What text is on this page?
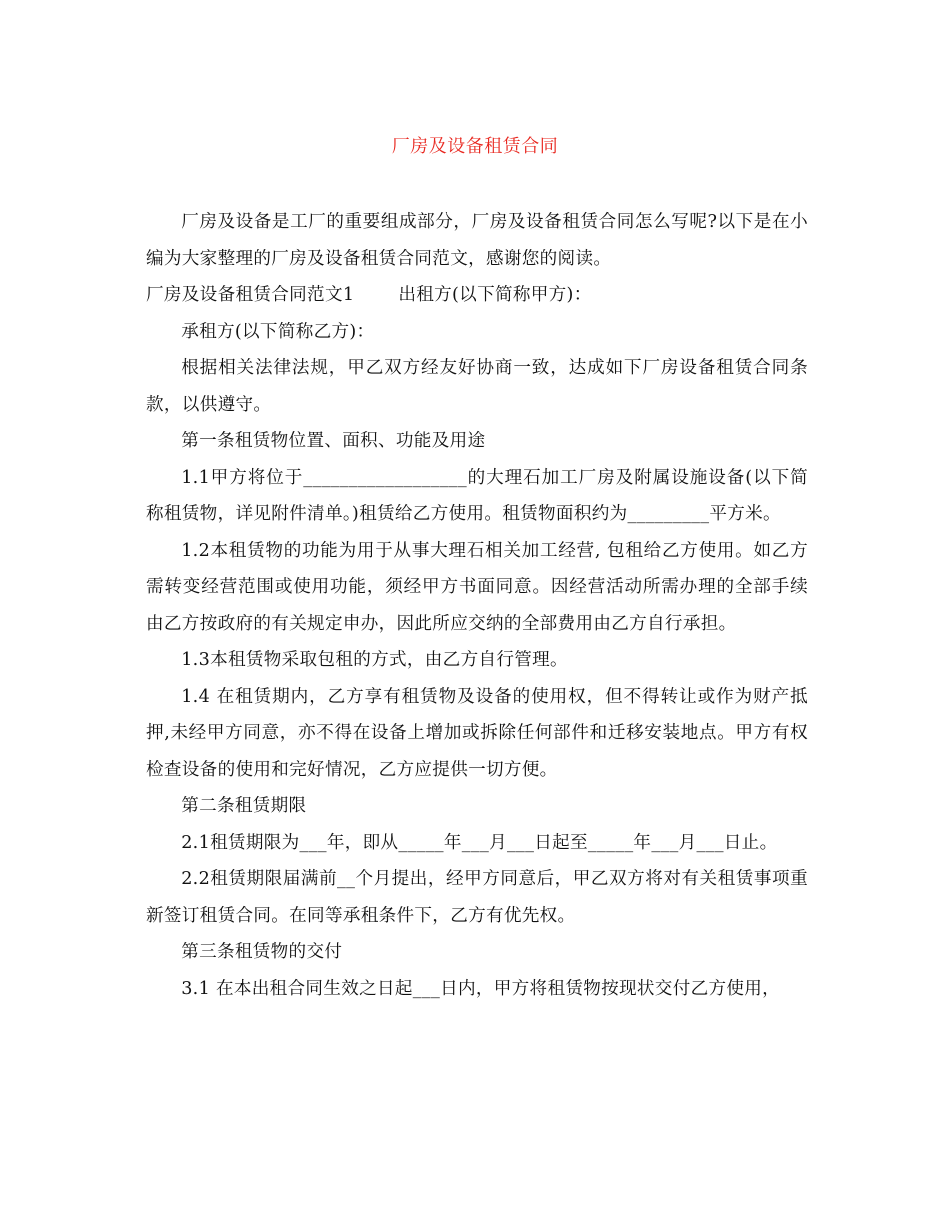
厂房及设备租赁合同

厂房及设备是工厂的重要组成部分，厂房及设备租赁合同怎么写呢?以下是在小编为大家整理的厂房及设备租赁合同范文，感谢您的阅读。

厂房及设备租赁合同范文1	出租方(以下简称甲方)：

承租方(以下简称乙方)：

根据相关法律法规，甲乙双方经友好协商一致，达成如下厂房设备租赁合同条款，以供遵守。

第一条租赁物位置、面积、功能及用途

1.1甲方将位于__________________的大理石加工厂房及附属设施设备(以下简称租赁物，详见附件清单。)租赁给乙方使用。租赁物面积约为_________平方米。

1.2本租赁物的功能为用于从事大理石相关加工经营, 包租给乙方使用。如乙方需转变经营范围或使用功能，须经甲方书面同意。因经营活动所需办理的全部手续由乙方按政府的有关规定申办，因此所应交纳的全部费用由乙方自行承担。

1.3本租赁物采取包租的方式，由乙方自行管理。

1.4 在租赁期内，乙方享有租赁物及设备的使用权，但不得转让或作为财产抵押,未经甲方同意，亦不得在设备上增加或拆除任何部件和迁移安装地点。甲方有权检查设备的使用和完好情况，乙方应提供一切方便。

第二条租赁期限

2.1租赁期限为___年，即从_____年___月___日起至_____年___月___日止。

2.2租赁期限届满前__个月提出，经甲方同意后，甲乙双方将对有关租赁事项重新签订租赁合同。在同等承租条件下，乙方有优先权。

第三条租赁物的交付

3.1 在本出租合同生效之日起___日内，甲方将租赁物按现状交付乙方使用，
